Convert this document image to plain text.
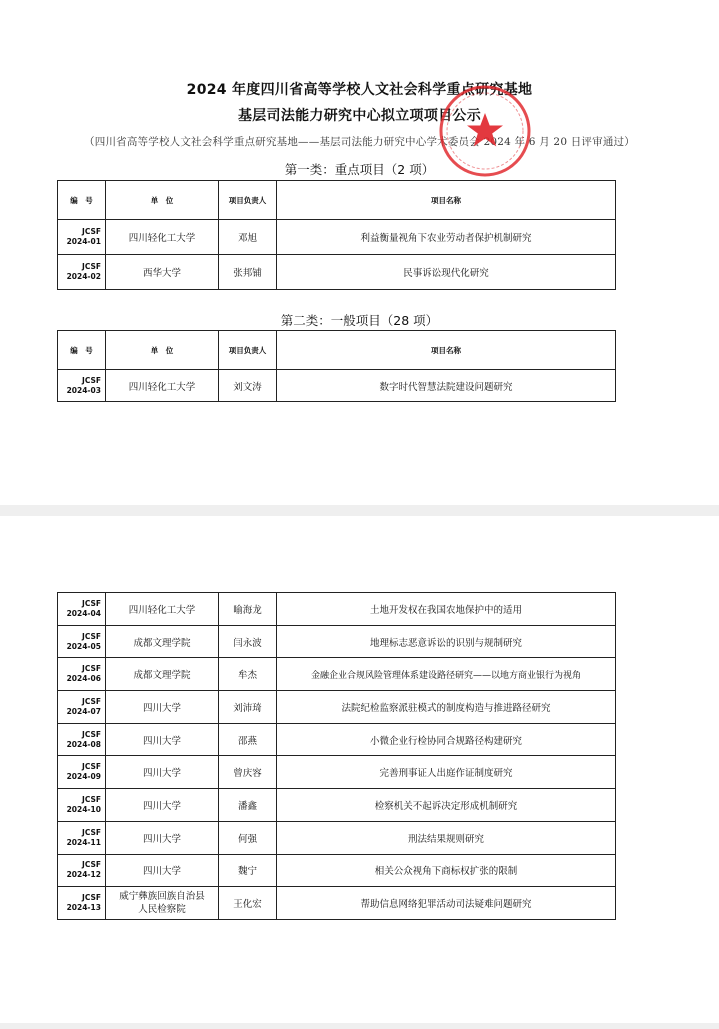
2024 年度四川省高等学校人文社会科学重点研究基地
基层司法能力研究中心拟立项项目公示
（四川省高等学校人文社会科学重点研究基地——基层司法能力研究中心学术委员会 2024 年 6 月 20 日评审通过）
第一类：重点项目（2 项）
第二类：一般项目（28 项）
编　号	单　位	项目负责人	项目名称
JCSF
2024-01	四川轻化工大学	邓旭	利益衡量视角下农业劳动者保护机制研究
JCSF
2024-02	西华大学	张邦铺	民事诉讼现代化研究
编　号	单　位	项目负责人	项目名称
JCSF
2024-03	四川轻化工大学	刘文涛	数字时代智慧法院建设问题研究
JCSF
2024-04	四川轻化工大学	喻海龙	土地开发权在我国农地保护中的适用
JCSF
2024-05	成都文理学院	闫永波	地理标志恶意诉讼的识别与规制研究
JCSF
2024-06	成都文理学院	牟杰	金融企业合规风险管理体系建设路径研究——以地方商业银行为视角
JCSF
2024-07	四川大学	刘沛琦	法院纪检监察派驻模式的制度构造与推进路径研究
JCSF
2024-08	四川大学	邵燕	小微企业行检协同合规路径构建研究
JCSF
2024-09	四川大学	曾庆容	完善刑事证人出庭作证制度研究
JCSF
2024-10	四川大学	潘鑫	检察机关不起诉决定形成机制研究
JCSF
2024-11	四川大学	何强	刑法结果规则研究
JCSF
2024-12	四川大学	魏宁	相关公众视角下商标权扩张的限制
JCSF
2024-13	威宁彝族回族自治县
人民检察院	王化宏	帮助信息网络犯罪活动司法疑难问题研究
